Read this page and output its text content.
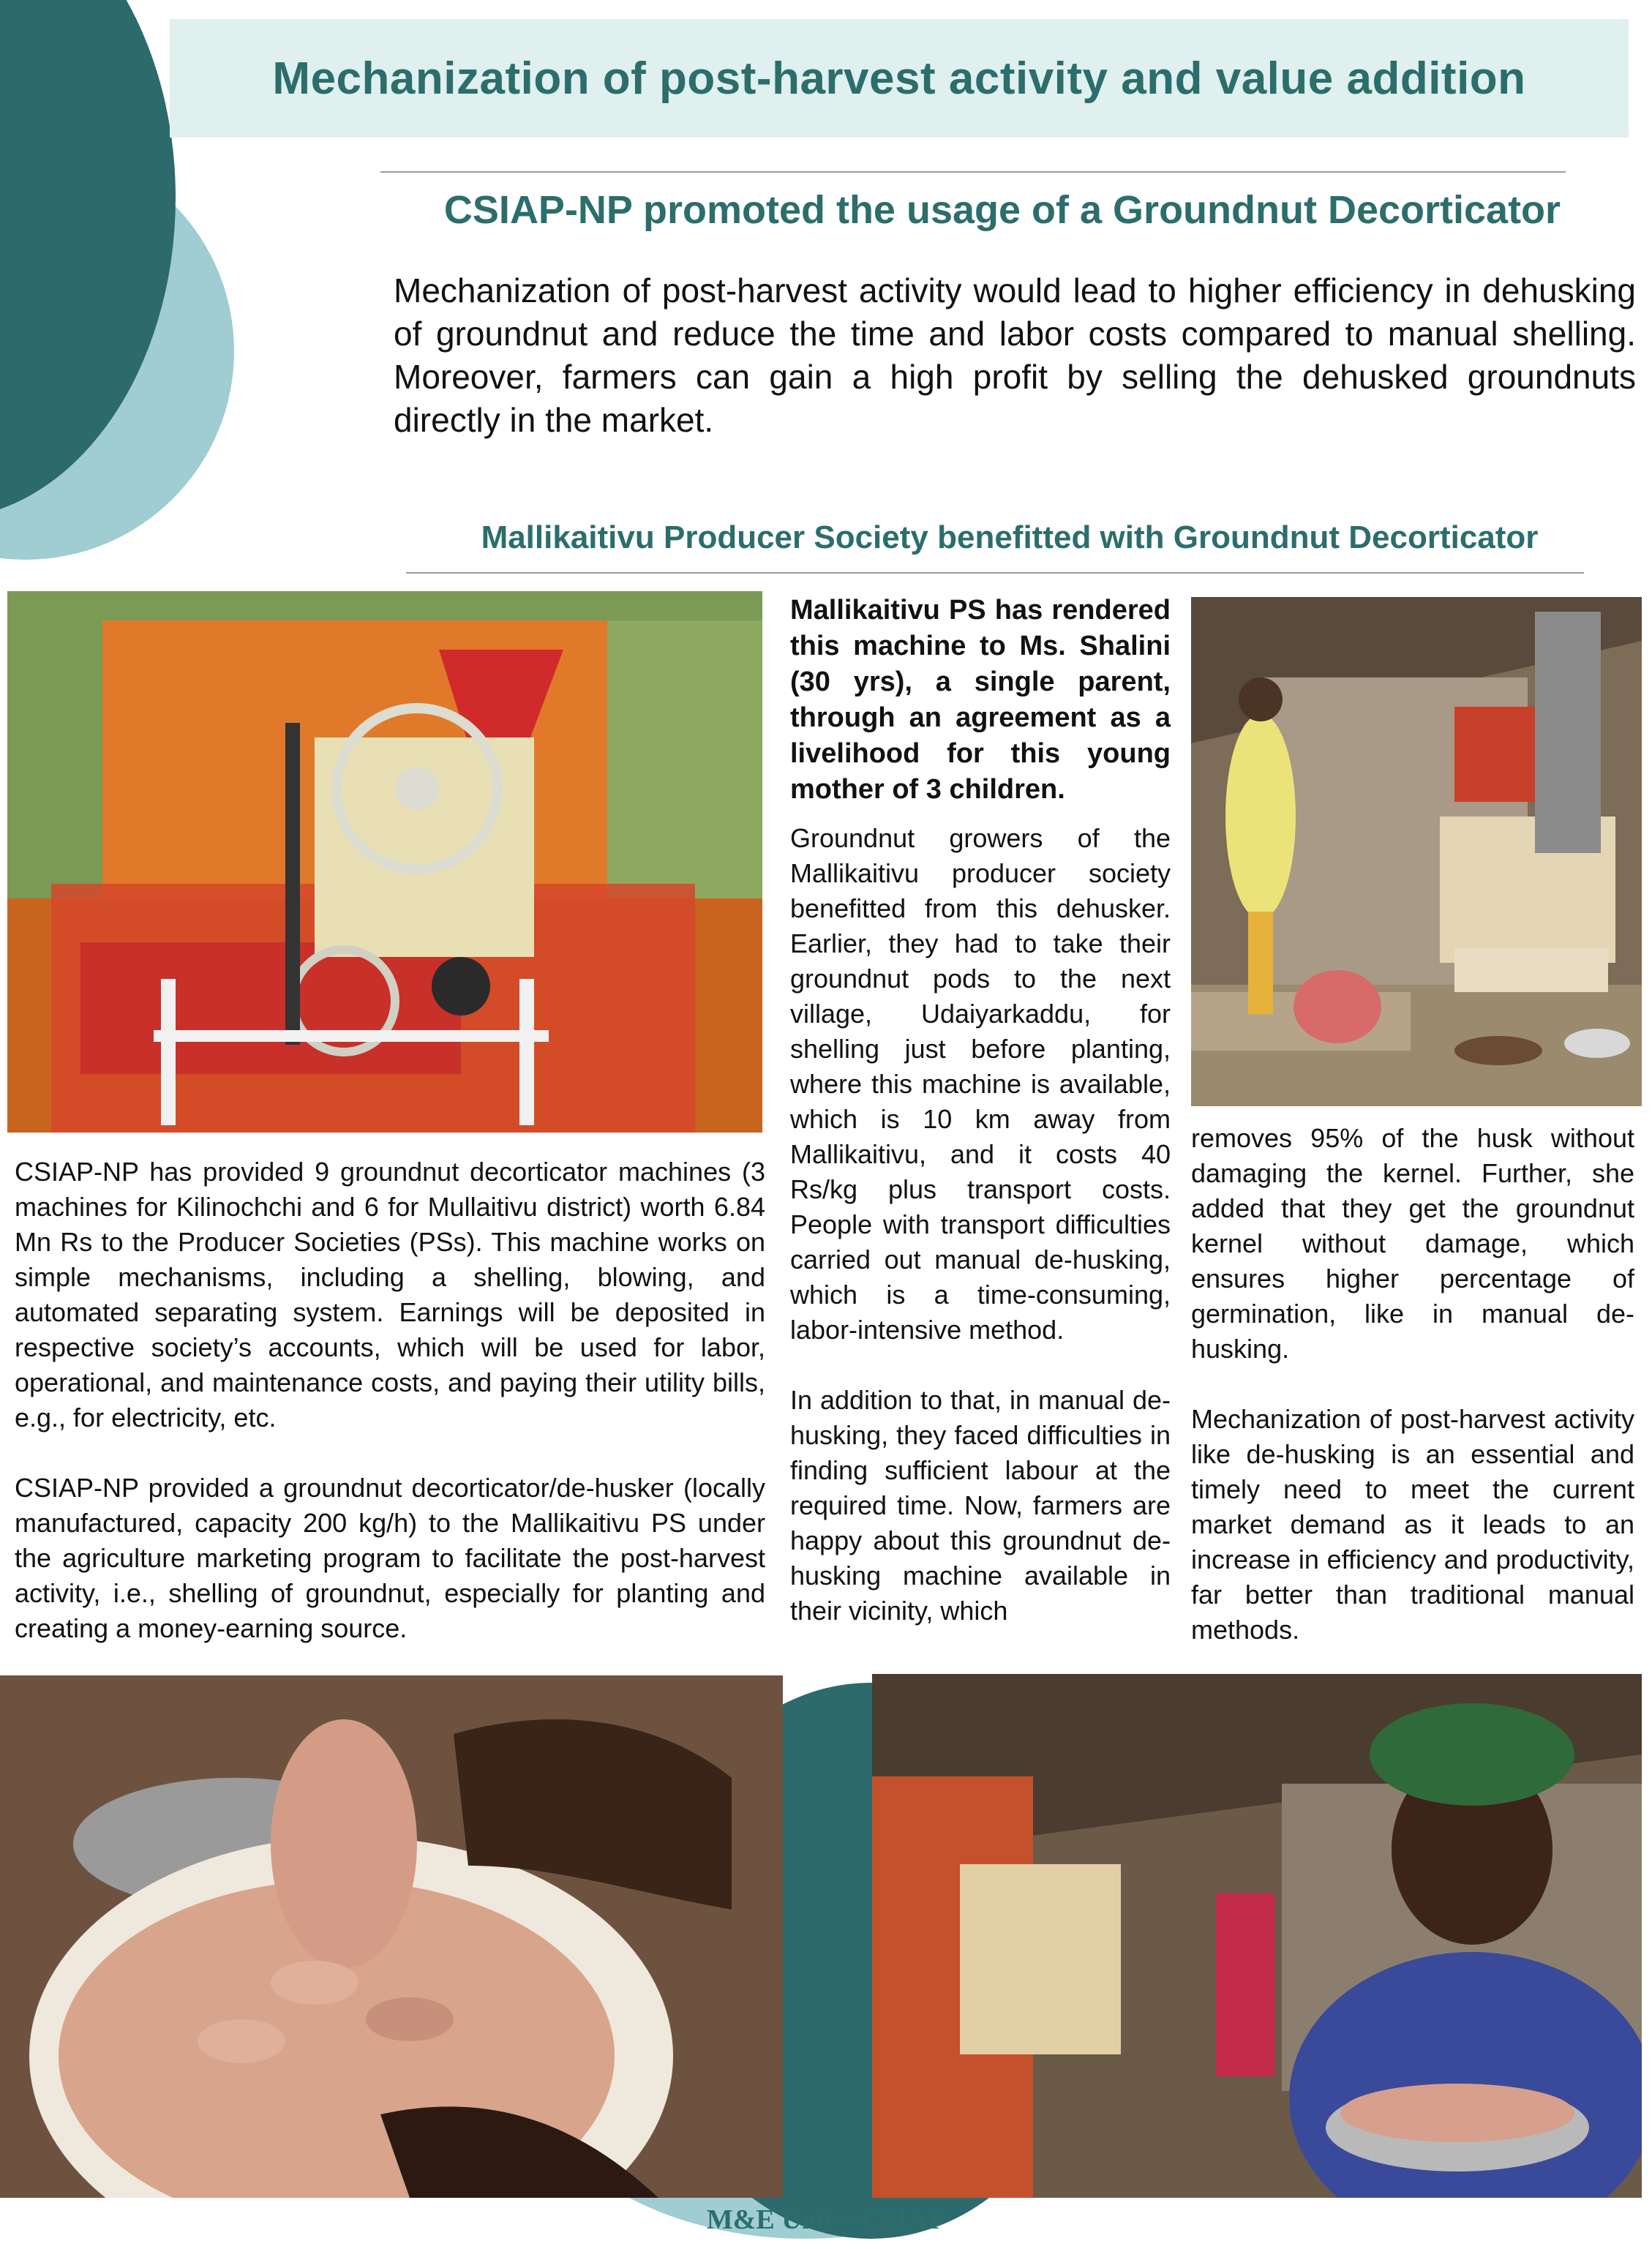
Mechanization of post-harvest activity and value addition
CSIAP-NP promoted the usage of a Groundnut Decorticator
Mechanization of post-harvest activity would lead to higher efficiency in dehusking of groundnut and reduce the time and labor costs compared to manual shelling. Moreover, farmers can gain a high profit by selling the dehusked groundnuts directly in the market.
Mallikaitivu Producer Society benefitted with Groundnut Decorticator

Mallikaitivu PS has rendered this machine to Ms. Shalini (30 yrs), a single parent, through an agreement as a livelihood for this young mother of 3 children.

Groundnut growers of the Mallikaitivu producer society benefitted from this dehusker. Earlier, they had to take their groundnut pods to the next village, Udaiyarkaddu, for shelling just before planting, where this machine is available, which is 10 km away from Mallikaitivu, and it costs 40 Rs/kg plus transport costs. People with transport difficulties carried out manual de-husking, which is a time-consuming, labor-intensive method.

In addition to that, in manual de-husking, they faced difficulties in finding sufficient labour at the required time. Now, farmers are happy about this groundnut de-husking machine available in their vicinity, which

CSIAP-NP has provided 9 groundnut decorticator machines (3 machines for Kilinochchi and 6 for Mullaitivu district) worth 6.84 Mn Rs to the Producer Societies (PSs). This machine works on simple mechanisms, including a shelling, blowing, and automated separating system. Earnings will be deposited in respective society’s accounts, which will be used for labor, operational, and maintenance costs, and paying their utility bills, e.g., for electricity, etc.

CSIAP-NP provided a groundnut decorticator/de-husker (locally manufactured, capacity 200 kg/h) to the Mallikaitivu PS under the agriculture marketing program to facilitate the post-harvest activity, i.e., shelling of groundnut, especially for planting and creating a money-earning source.

removes 95% of the husk without damaging the kernel. Further, she added that they get the groundnut kernel without damage, which ensures higher percentage of germination, like in manual de-husking.

Mechanization of post-harvest activity like de-husking is an essential and timely need to meet the current market demand as it leads to an increase in efficiency and productivity, far better than traditional manual methods.

M&E Unit—CSIAP
